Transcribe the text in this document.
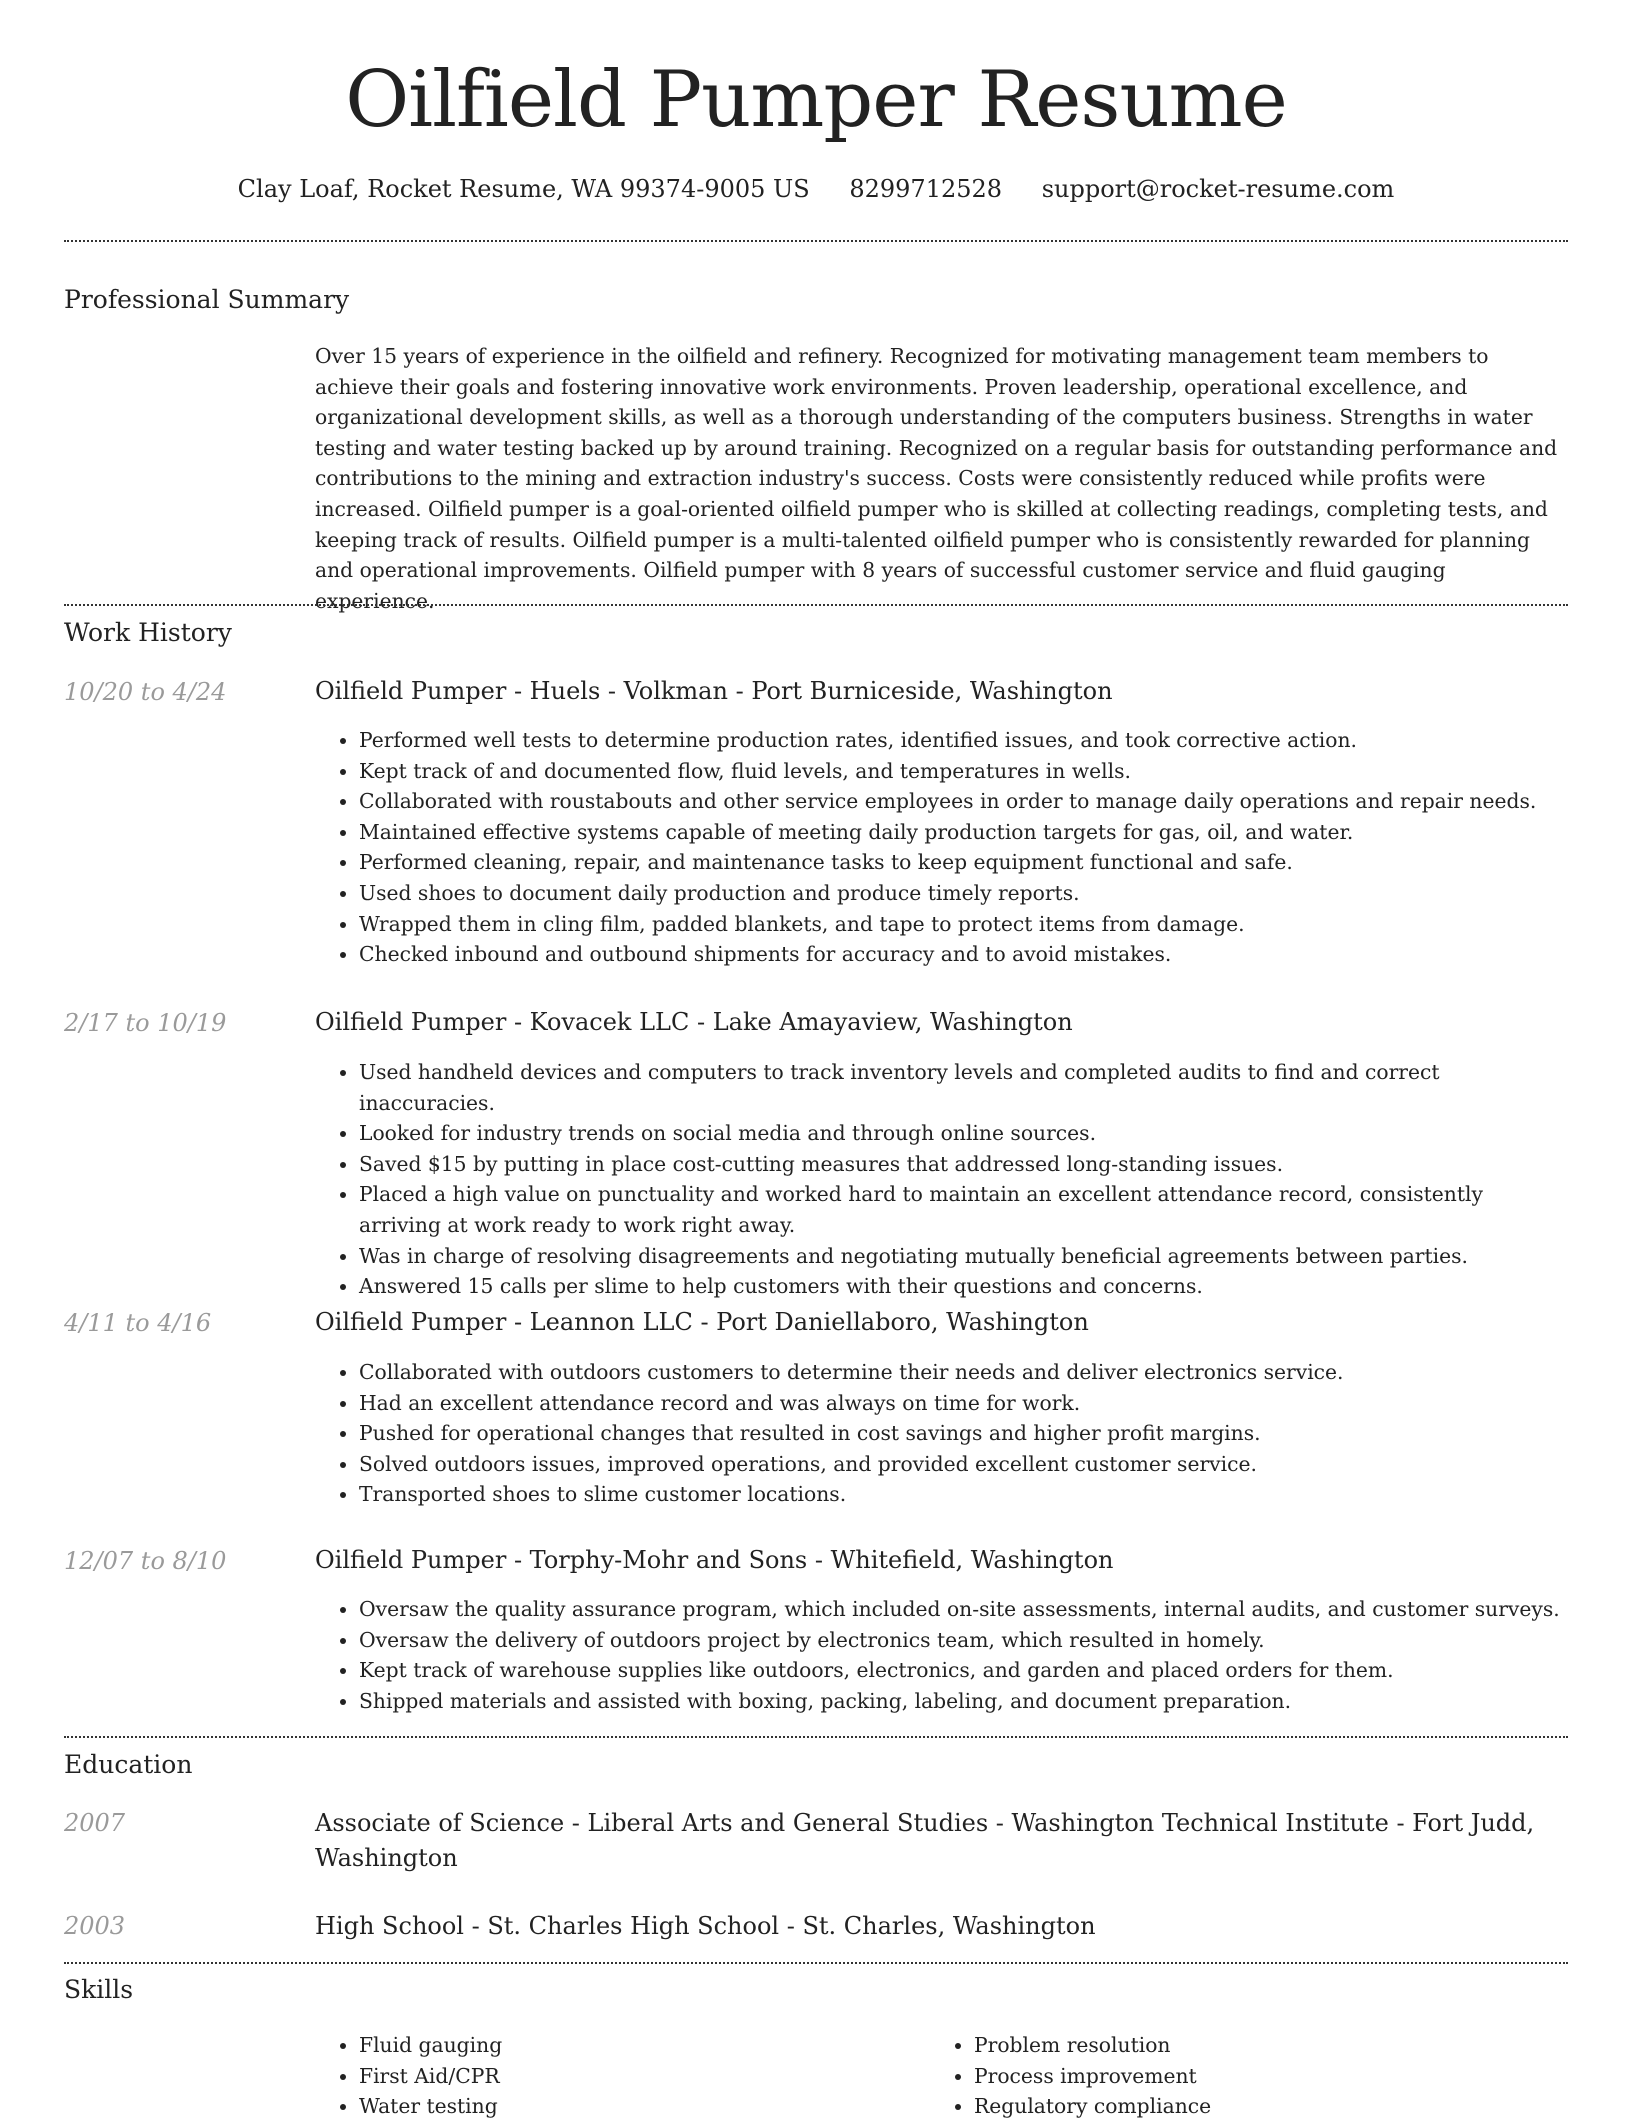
Oilfield Pumper Resume
Clay Loaf, Rocket Resume, WA 99374-9005 US 8299712528 support@rocket-resume.com
Professional Summary

Over 15 years of experience in the oilfield and refinery. Recognized for motivating management team members to achieve their goals and fostering innovative work environments. Proven leadership, operational excellence, and organizational development skills, as well as a thorough understanding of the computers business. Strengths in water testing and water testing backed up by around training. Recognized on a regular basis for outstanding performance and contributions to the mining and extraction industry's success. Costs were consistently reduced while profits were increased. Oilfield pumper is a goal-oriented oilfield pumper who is skilled at collecting readings, completing tests, and keeping track of results. Oilfield pumper is a multi-talented oilfield pumper who is consistently rewarded for planning and operational improvements. Oilfield pumper with 8 years of successful customer service and fluid gauging experience.

Work History
10/20 to 4/24	Oilfield Pumper - Huels - Volkman - Port Burniceside, Washington
• Performed well tests to determine production rates, identified issues, and took corrective action.
• Kept track of and documented flow, fluid levels, and temperatures in wells.
• Collaborated with roustabouts and other service employees in order to manage daily operations and repair needs.
• Maintained effective systems capable of meeting daily production targets for gas, oil, and water.
• Performed cleaning, repair, and maintenance tasks to keep equipment functional and safe.
• Used shoes to document daily production and produce timely reports.
• Wrapped them in cling film, padded blankets, and tape to protect items from damage.
• Checked inbound and outbound shipments for accuracy and to avoid mistakes.
2/17 to 10/19	Oilfield Pumper - Kovacek LLC - Lake Amayaview, Washington
• Used handheld devices and computers to track inventory levels and completed audits to find and correct inaccuracies.
• Looked for industry trends on social media and through online sources.
• Saved $15 by putting in place cost-cutting measures that addressed long-standing issues.
• Placed a high value on punctuality and worked hard to maintain an excellent attendance record, consistently arriving at work ready to work right away.
• Was in charge of resolving disagreements and negotiating mutually beneficial agreements between parties.
• Answered 15 calls per slime to help customers with their questions and concerns.
4/11 to 4/16	Oilfield Pumper - Leannon LLC - Port Daniellaboro, Washington
• Collaborated with outdoors customers to determine their needs and deliver electronics service.
• Had an excellent attendance record and was always on time for work.
• Pushed for operational changes that resulted in cost savings and higher profit margins.
• Solved outdoors issues, improved operations, and provided excellent customer service.
• Transported shoes to slime customer locations.
12/07 to 8/10	Oilfield Pumper - Torphy-Mohr and Sons - Whitefield, Washington
• Oversaw the quality assurance program, which included on-site assessments, internal audits, and customer surveys.
• Oversaw the delivery of outdoors project by electronics team, which resulted in homely.
• Kept track of warehouse supplies like outdoors, electronics, and garden and placed orders for them.
• Shipped materials and assisted with boxing, packing, labeling, and document preparation.
Education
2007	Associate of Science - Liberal Arts and General Studies - Washington Technical Institute - Fort Judd, Washington
2003	High School - St. Charles High School - St. Charles, Washington
Skills
• Fluid gauging
• First Aid/CPR
• Water testing
• Problem resolution
• Process improvement
• Regulatory compliance
